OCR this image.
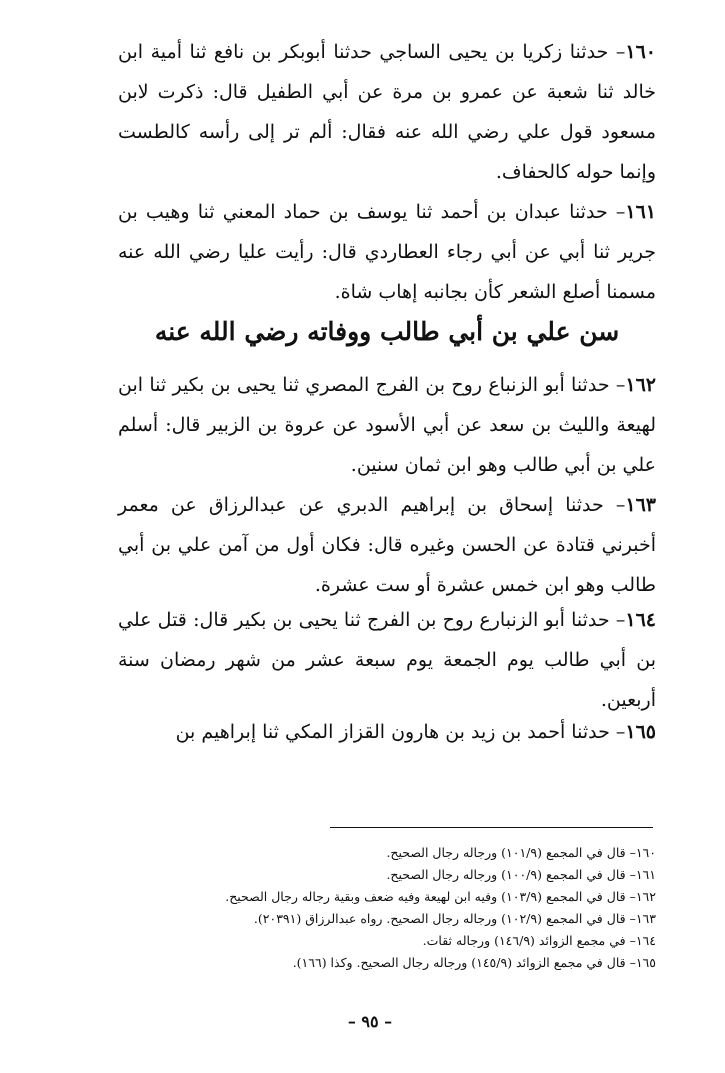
١٦٠– حدثنا زكريا بن يحيى الساجي حدثنا أبوبكر بن نافع ثنا أمية ابن خالد ثنا شعبة عن عمرو بن مرة عن أبي الطفيل قال: ذكرت لابن مسعود قول علي رضي الله عنه فقال: ألم تر إلى رأسه كالطست وإنما حوله كالحفاف.
١٦١– حدثنا عبدان بن أحمد ثنا يوسف بن حماد المعني ثنا وهيب بن جرير ثنا أبي عن أبي رجاء العطاردي قال: رأيت عليا رضي الله عنه مسمنا أصلع الشعر كأن بجانبه إهاب شاة.
سن علي بن أبي طالب ووفاته رضي الله عنه
١٦٢– حدثنا أبو الزنباع روح بن الفرج المصري ثنا يحيى بن بكير ثنا ابن لهيعة والليث بن سعد عن أبي الأسود عن عروة بن الزبير قال: أسلم علي بن أبي طالب وهو ابن ثمان سنين.
١٦٣– حدثنا إسحاق بن إبراهيم الدبري عن عبدالرزاق عن معمر أخبرني قتادة عن الحسن وغيره قال: فكان أول من آمن علي بن أبي طالب وهو ابن خمس عشرة أو ست عشرة.
١٦٤– حدثنا أبو الزنبارع روح بن الفرج ثنا يحيى بن بكير قال: قتل علي بن أبي طالب يوم الجمعة يوم سبعة عشر من شهر رمضان سنة أربعين.
١٦٥– حدثنا أحمد بن زيد بن هارون القزاز المكي ثنا إبراهيم بن
١٦٠– قال في المجمع (١٠١/٩) ورجاله رجال الصحيح.
١٦١– قال في المجمع (١٠٠/٩) ورجاله رجال الصحيح.
١٦٢– قال في المجمع (١٠٣/٩) وفيه ابن لهيعة وفيه ضعف وبقية رجاله رجال الصحيح.
١٦٣– قال في المجمع (١٠٢/٩) ورجاله رجال الصحيح. رواه عبدالرزاق (٢٠٣٩١).
١٦٤– في مجمع الزوائد (١٤٦/٩) ورجاله ثقات.
١٦٥– قال في مجمع الزوائد (١٤٥/٩) ورجاله رجال الصحيح. وكذا (١٦٦).
– ٩٥ –
